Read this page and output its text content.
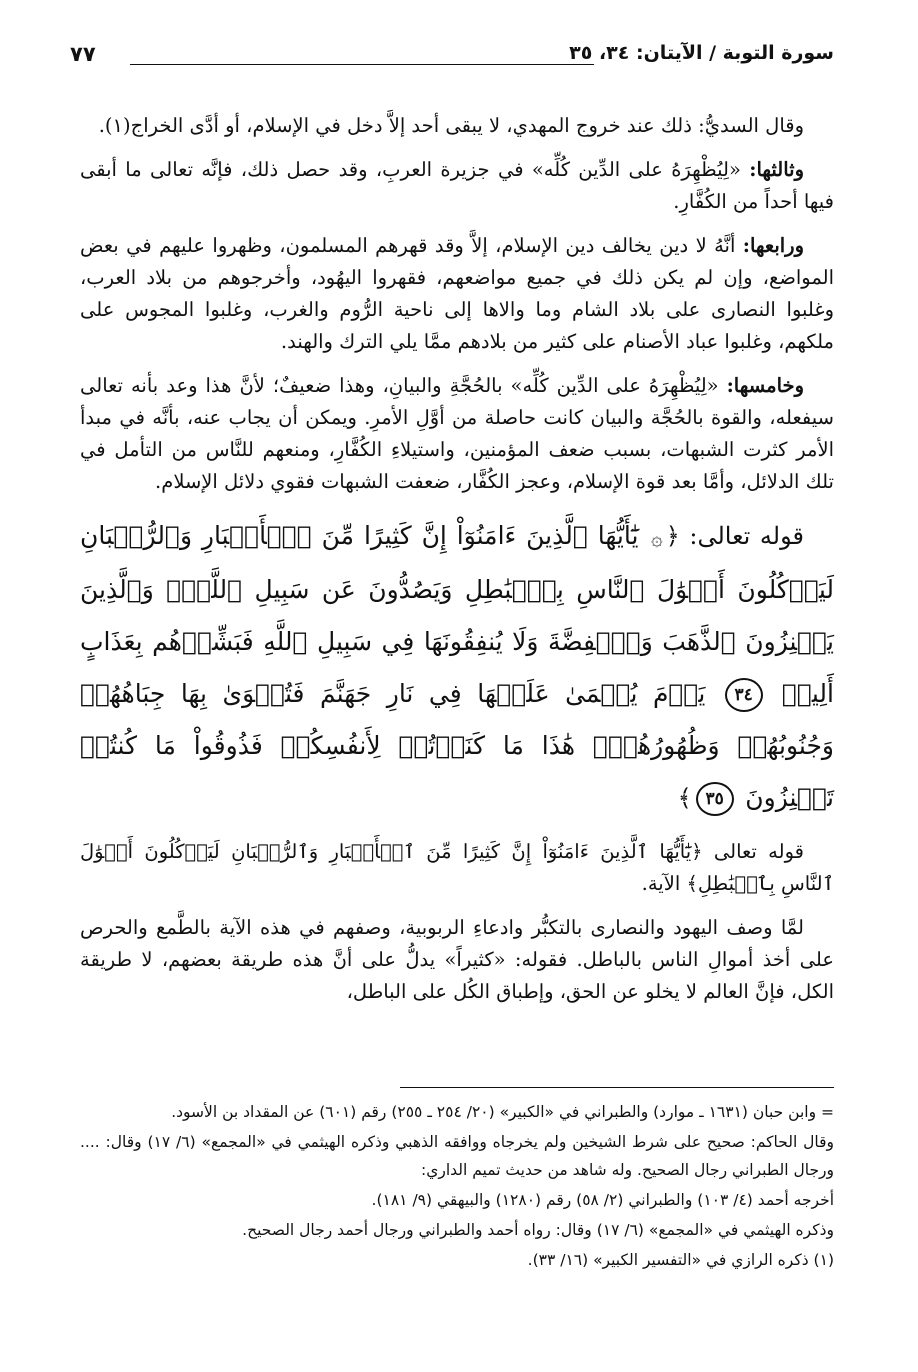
سورة التوبة / الآيتان: ٣٤، ٣٥
٧٧

وقال السديُّ: ذلك عند خروج المهدي، لا يبقى أحد إلاَّ دخل في الإسلام، أو أدَّى الخراج(١).

وثالثها: «لِيُظْهِرَهُ على الدِّين كُلِّه» في جزيرة العربِ، وقد حصل ذلك، فإنَّه تعالى ما أبقى فيها أحداً من الكُفَّارِ.

ورابعها: أنَّهُ لا دين يخالف دين الإسلام، إلاَّ وقد قهرهم المسلمون، وظهروا عليهم في بعض المواضع، وإن لم يكن ذلك في جميع مواضعهم، فقهروا اليهُود، وأخرجوهم من بلاد العرب، وغلبوا النصارى على بلاد الشام وما والاها إلى ناحية الرُّوم والغرب، وغلبوا المجوس على ملكهم، وغلبوا عباد الأصنام على كثير من بلادهم ممَّا يلي الترك والهند.

وخامسها: «لِيُظْهِرَهُ على الدِّين كُلِّه» بالحُجَّةِ والبيانِ، وهذا ضعيفٌ؛ لأنَّ هذا وعد بأنه تعالى سيفعله، والقوة بالحُجَّة والبيان كانت حاصلة من أوَّلِ الأمرِ. ويمكن أن يجاب عنه، بأنَّه في مبدأ الأمر كثرت الشبهات، بسبب ضعف المؤمنين، واستيلاءِ الكُفَّارِ، ومنعهم للنَّاس من التأمل في تلك الدلائل، وأمَّا بعد قوة الإسلام، وعجز الكُفَّار، ضعفت الشبهات فقوي دلائل الإسلام.

قوله تعالى: ﴿۞ يَٰٓأَيُّهَا ٱلَّذِينَ ءَامَنُوٓاْ إِنَّ كَثِيرًا مِّنَ ٱلۡأَحۡبَارِ وَٱلرُّهۡبَانِ لَيَأۡكُلُونَ أَمۡوَٰلَ ٱلنَّاسِ بِٱلۡبَٰطِلِ وَيَصُدُّونَ عَن سَبِيلِ ٱللَّهِۗ وَٱلَّذِينَ يَكۡنِزُونَ ٱلذَّهَبَ وَٱلۡفِضَّةَ وَلَا يُنفِقُونَهَا فِي سَبِيلِ ٱللَّهِ فَبَشِّرۡهُم بِعَذَابٍ أَلِيمٖ ٣٤ يَوۡمَ يُحۡمَىٰ عَلَيۡهَا فِي نَارِ جَهَنَّمَ فَتُكۡوَىٰ بِهَا جِبَاهُهُمۡ وَجُنُوبُهُمۡ وَظُهُورُهُمۡۖ هَٰذَا مَا كَنَزۡتُمۡ لِأَنفُسِكُمۡ فَذُوقُواْ مَا كُنتُمۡ تَكۡنِزُونَ ٣٥﴾

قوله تعالى ﴿يَٰٓأَيُّهَا ٱلَّذِينَ ءَامَنُوٓاْ إِنَّ كَثِيرًا مِّنَ ٱلۡأَحۡبَارِ وَٱلرُّهۡبَانِ لَيَأۡكُلُونَ أَمۡوَٰلَ ٱلنَّاسِ بِٱلۡبَٰطِلِ﴾ الآية.

لمَّا وصف اليهود والنصارى بالتكبُّر وادعاءِ الربوبية، وصفهم في هذه الآية بالطَّمع والحرص على أخذ أموالِ الناس بالباطل. فقوله: «كثيراً» يدلُّ على أنَّ هذه طريقة بعضهم، لا طريقة الكل، فإنَّ العالم لا يخلو عن الحق، وإطباق الكُل على الباطل،

= وابن حبان (١٦٣١ ـ موارد) والطبراني في «الكبير» (٢٠/ ٢٥٤ ـ ٢٥٥) رقم (٦٠١) عن المقداد بن الأسود.

وقال الحاكم: صحيح على شرط الشيخين ولم يخرجاه ووافقه الذهبي وذكره الهيثمي في «المجمع» (٦/ ١٧) وقال: .... ورجال الطبراني رجال الصحيح. وله شاهد من حديث تميم الداري:

أخرجه أحمد (٤/ ١٠٣) والطبراني (٢/ ٥٨) رقم (١٢٨٠) والبيهقي (٩/ ١٨١).

وذكره الهيثمي في «المجمع» (٦/ ١٧) وقال: رواه أحمد والطبراني ورجال أحمد رجال الصحيح.

(١) ذكره الرازي في «التفسير الكبير» (١٦/ ٣٣).
